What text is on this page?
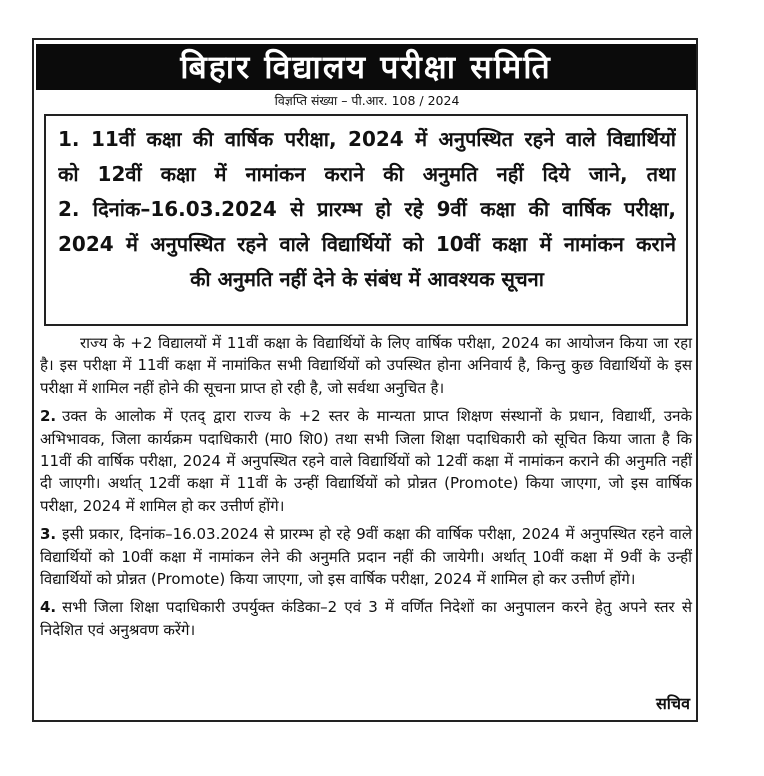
बिहार विद्यालय परीक्षा समिति
विज्ञप्ति संख्या – पी.आर. 108 / 2024
1. 11वीं कक्षा की वार्षिक परीक्षा, 2024 में अनुपस्थित रहने वाले विद्यार्थियों
को 12वीं कक्षा में नामांकन कराने की अनुमति नहीं दिये जाने, तथा
2. दिनांक–16.03.2024 से प्रारम्भ हो रहे 9वीं कक्षा की वार्षिक परीक्षा,
2024 में अनुपस्थित रहने वाले विद्यार्थियों को 10वीं कक्षा में नामांकन कराने
की अनुमति नहीं देने के संबंध में आवश्यक सूचना

राज्य के +2 विद्यालयों में 11वीं कक्षा के विद्यार्थियों के लिए वार्षिक परीक्षा, 2024 का आयोजन किया जा रहा है। इस परीक्षा में 11वीं कक्षा में नामांकित सभी विद्यार्थियों को उपस्थित होना अनिवार्य है, किन्तु कुछ विद्यार्थियों के इस परीक्षा में शामिल नहीं होने की सूचना प्राप्त हो रही है, जो सर्वथा अनुचित है।

2. उक्त के आलोक में एतद् द्वारा राज्य के +2 स्तर के मान्यता प्राप्त शिक्षण संस्थानों के प्रधान, विद्यार्थी, उनके अभिभावक, जिला कार्यक्रम पदाधिकारी (मा0 शि0) तथा सभी जिला शिक्षा पदाधिकारी को सूचित किया जाता है कि 11वीं की वार्षिक परीक्षा, 2024 में अनुपस्थित रहने वाले विद्यार्थियों को 12वीं कक्षा में नामांकन कराने की अनुमति नहीं दी जाएगी। अर्थात् 12वीं कक्षा में 11वीं के उन्हीं विद्यार्थियों को प्रोन्नत (Promote) किया जाएगा, जो इस वार्षिक परीक्षा, 2024 में शामिल हो कर उत्तीर्ण होंगे।

3. इसी प्रकार, दिनांक–16.03.2024 से प्रारम्भ हो रहे 9वीं कक्षा की वार्षिक परीक्षा, 2024 में अनुपस्थित रहने वाले विद्यार्थियों को 10वीं कक्षा में नामांकन लेने की अनुमति प्रदान नहीं की जायेगी। अर्थात् 10वीं कक्षा में 9वीं के उन्हीं विद्यार्थियों को प्रोन्नत (Promote) किया जाएगा, जो इस वार्षिक परीक्षा, 2024 में शामिल हो कर उत्तीर्ण होंगे।

4. सभी जिला शिक्षा पदाधिकारी उपर्युक्त कंडिका–2 एवं 3 में वर्णित निदेशों का अनुपालन करने हेतु अपने स्तर से निदेशित एवं अनुश्रवण करेंगे।

सचिव
